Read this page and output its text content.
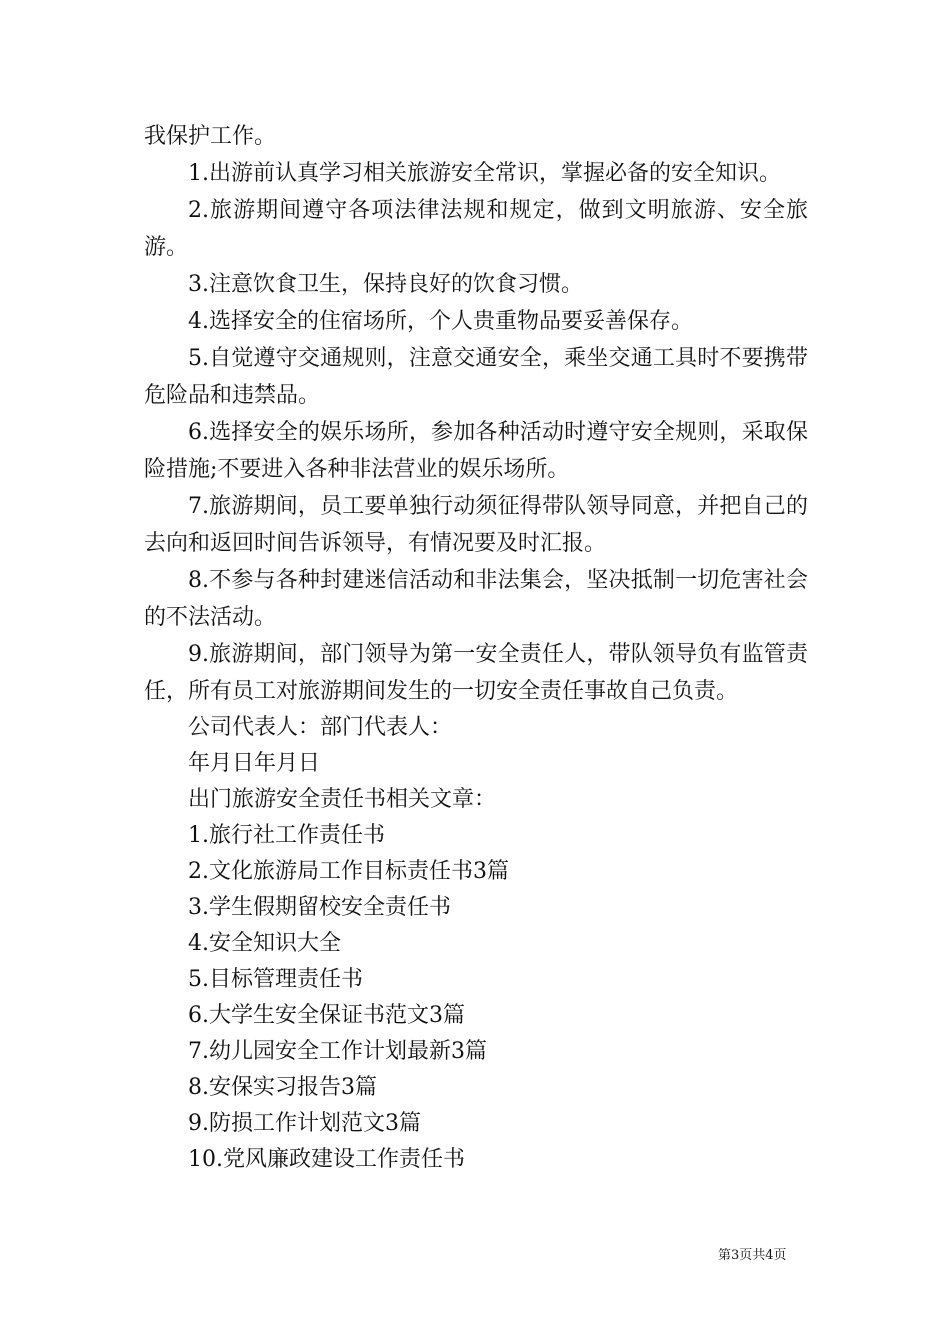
我保护工作。

1.出游前认真学习相关旅游安全常识，掌握必备的安全知识。

2.旅游期间遵守各项法律法规和规定，做到文明旅游、安全旅游。

3.注意饮食卫生，保持良好的饮食习惯。

4.选择安全的住宿场所，个人贵重物品要妥善保存。

5.自觉遵守交通规则，注意交通安全，乘坐交通工具时不要携带危险品和违禁品。

6.选择安全的娱乐场所，参加各种活动时遵守安全规则，采取保险措施;不要进入各种非法营业的娱乐场所。

7.旅游期间，员工要单独行动须征得带队领导同意，并把自己的去向和返回时间告诉领导，有情况要及时汇报。

8.不参与各种封建迷信活动和非法集会，坚决抵制一切危害社会的不法活动。

9.旅游期间，部门领导为第一安全责任人，带队领导负有监管责任，所有员工对旅游期间发生的一切安全责任事故自己负责。

公司代表人：部门代表人：

年月日年月日

出门旅游安全责任书相关文章：

1.旅行社工作责任书

2.文化旅游局工作目标责任书3篇

3.学生假期留校安全责任书

4.安全知识大全

5.目标管理责任书

6.大学生安全保证书范文3篇

7.幼儿园安全工作计划最新3篇

8.安保实习报告3篇

9.防损工作计划范文3篇

10.党风廉政建设工作责任书

第3页共4页
